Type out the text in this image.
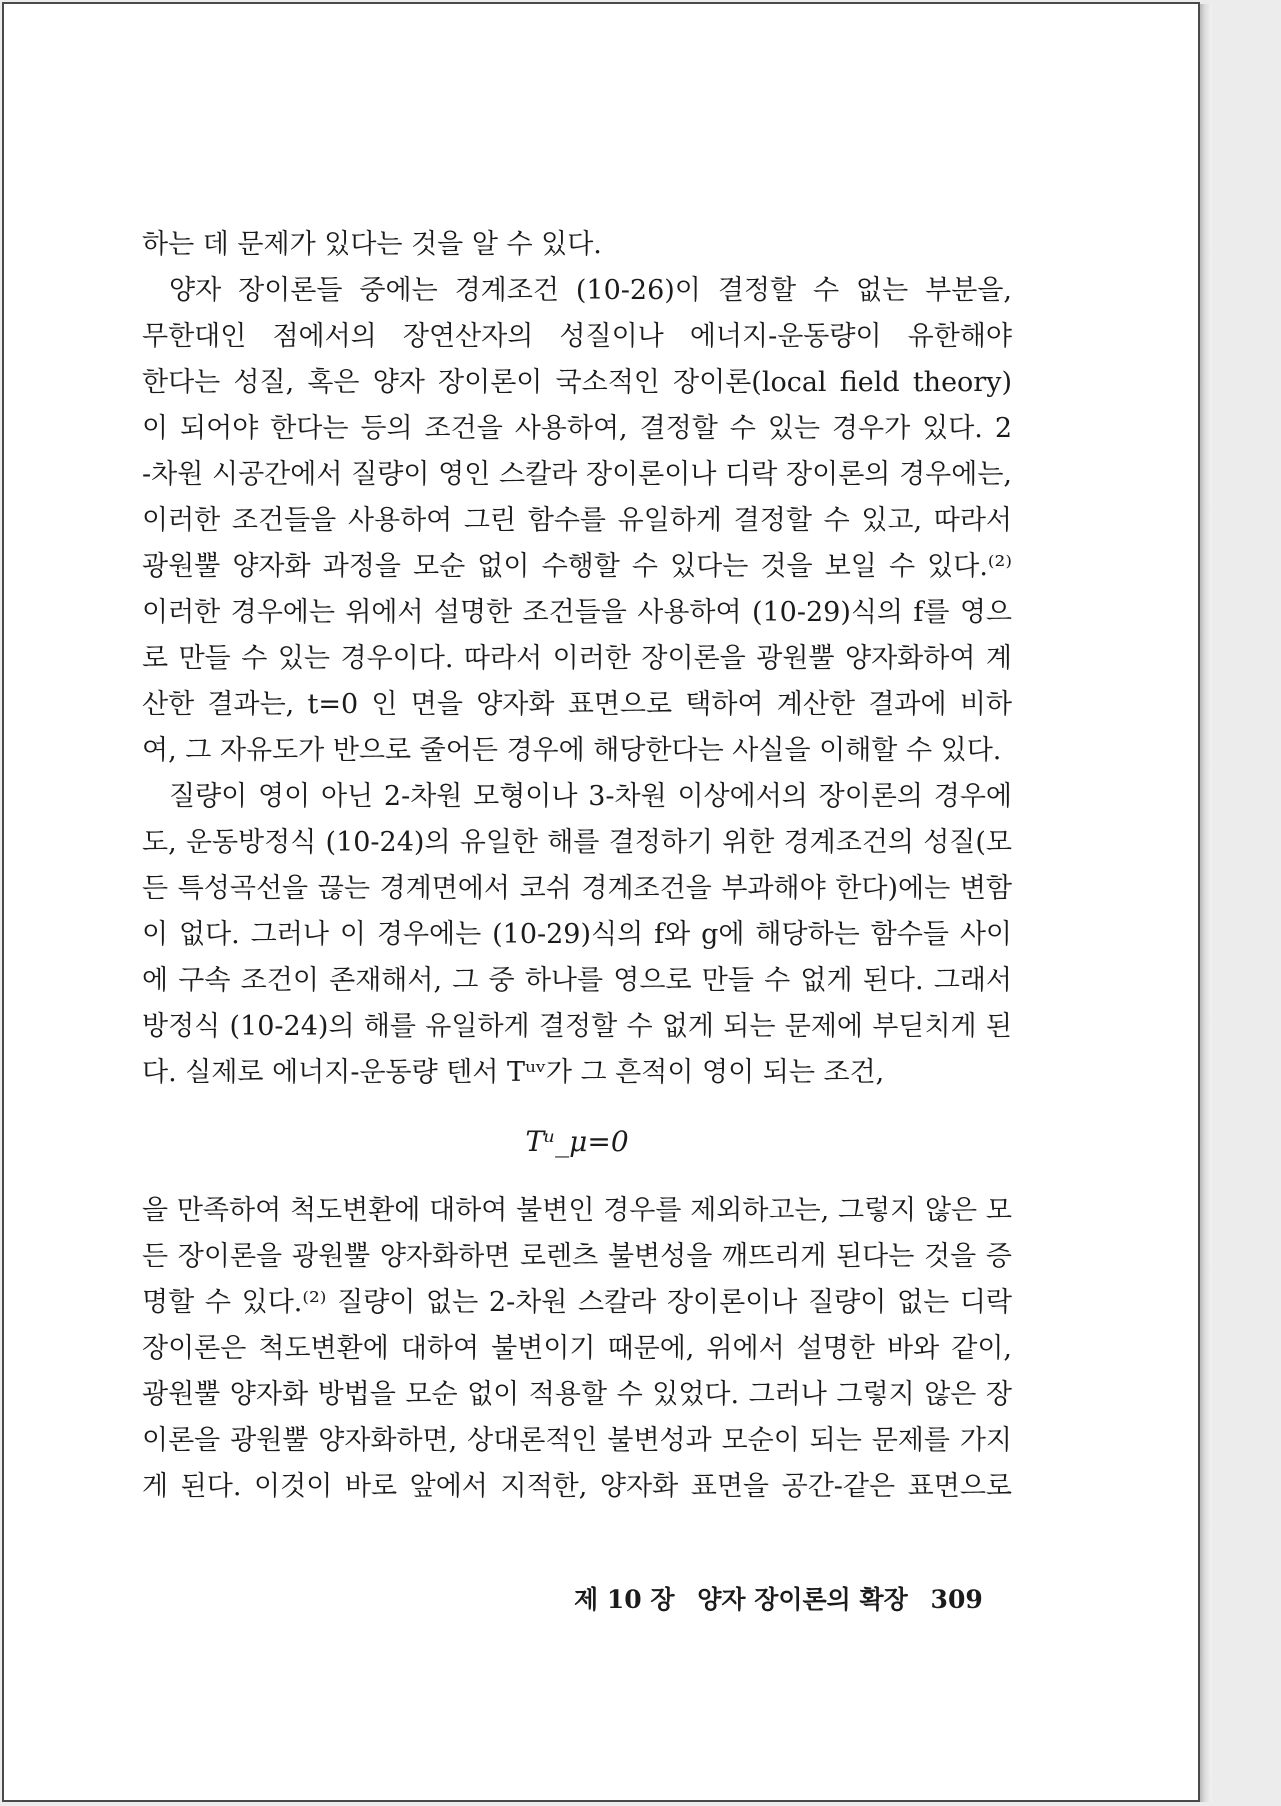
하는 데 문제가 있다는 것을 알 수 있다.
양자 장이론들 중에는 경계조건 (10-26)이 결정할 수 없는 부분을,
무한대인 점에서의 장연산자의 성질이나 에너지-운동량이 유한해야
한다는 성질, 혹은 양자 장이론이 국소적인 장이론(local field theory)
이 되어야 한다는 등의 조건을 사용하여, 결정할 수 있는 경우가 있다. 2
-차원 시공간에서 질량이 영인 스칼라 장이론이나 디락 장이론의 경우에는,
이러한 조건들을 사용하여 그린 함수를 유일하게 결정할 수 있고, 따라서
광원뿔 양자화 과정을 모순 없이 수행할 수 있다는 것을 보일 수 있다.⁽²⁾
이러한 경우에는 위에서 설명한 조건들을 사용하여 (10-29)식의 f를 영으
로 만들 수 있는 경우이다. 따라서 이러한 장이론을 광원뿔 양자화하여 계
산한 결과는, t=0 인 면을 양자화 표면으로 택하여 계산한 결과에 비하
여, 그 자유도가 반으로 줄어든 경우에 해당한다는 사실을 이해할 수 있다.
질량이 영이 아닌 2-차원 모형이나 3-차원 이상에서의 장이론의 경우에
도, 운동방정식 (10-24)의 유일한 해를 결정하기 위한 경계조건의 성질(모
든 특성곡선을 끊는 경계면에서 코쉬 경계조건을 부과해야 한다)에는 변함
이 없다. 그러나 이 경우에는 (10-29)식의 f와 g에 해당하는 함수들 사이
에 구속 조건이 존재해서, 그 중 하나를 영으로 만들 수 없게 된다. 그래서
방정식 (10-24)의 해를 유일하게 결정할 수 없게 되는 문제에 부딛치게 된
다. 실제로 에너지-운동량 텐서 Tᵘᵛ가 그 흔적이 영이 되는 조건,
Tᵘ_μ=0
을 만족하여 척도변환에 대하여 불변인 경우를 제외하고는, 그렇지 않은 모
든 장이론을 광원뿔 양자화하면 로렌츠 불변성을 깨뜨리게 된다는 것을 증
명할 수 있다.⁽²⁾ 질량이 없는 2-차원 스칼라 장이론이나 질량이 없는 디락
장이론은 척도변환에 대하여 불변이기 때문에, 위에서 설명한 바와 같이,
광원뿔 양자화 방법을 모순 없이 적용할 수 있었다. 그러나 그렇지 않은 장
이론을 광원뿔 양자화하면, 상대론적인 불변성과 모순이 되는 문제를 가지
게 된다. 이것이 바로 앞에서 지적한, 양자화 표면을 공간-같은 표면으로
제 10 장 양자 장이론의 확장 309
